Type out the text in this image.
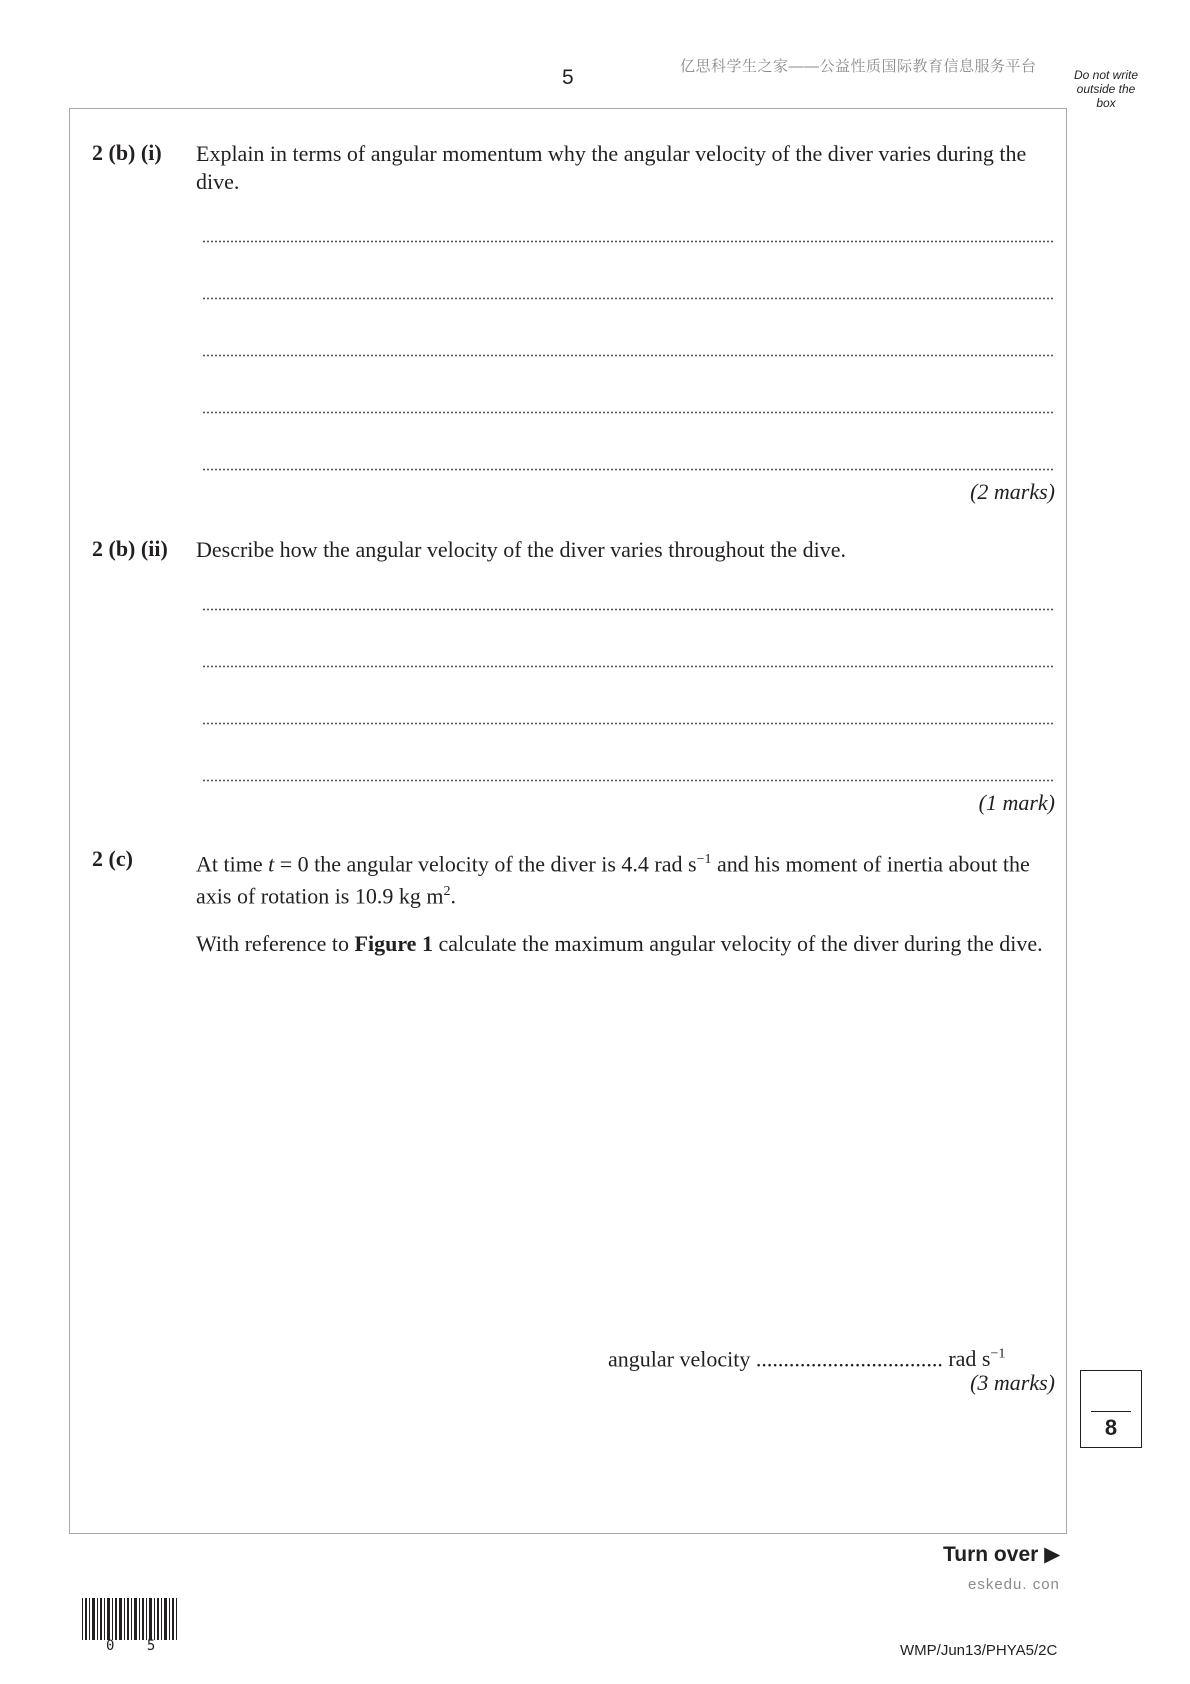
5	亿思科学生之家——公益性质国际教育信息服务平台	Do not write outside the box
2 (b) (i) Explain in terms of angular momentum why the angular velocity of the diver varies during the dive.
(2 marks)
2 (b) (ii) Describe how the angular velocity of the diver varies throughout the dive.
(1 mark)
2 (c)	At time t = 0 the angular velocity of the diver is 4.4 rad $s^{-1}$ and his moment of inertia about the axis of rotation is 10.9 kg $m^2$.
With reference to Figure 1 calculate the maximum angular velocity of the diver during the dive.
angular velocity .................................. rad $s^{-1}$
(3 marks)
8
Turn over ▶
eskedu. con
0 5	WMP/Jun13/PHYA5/2C
